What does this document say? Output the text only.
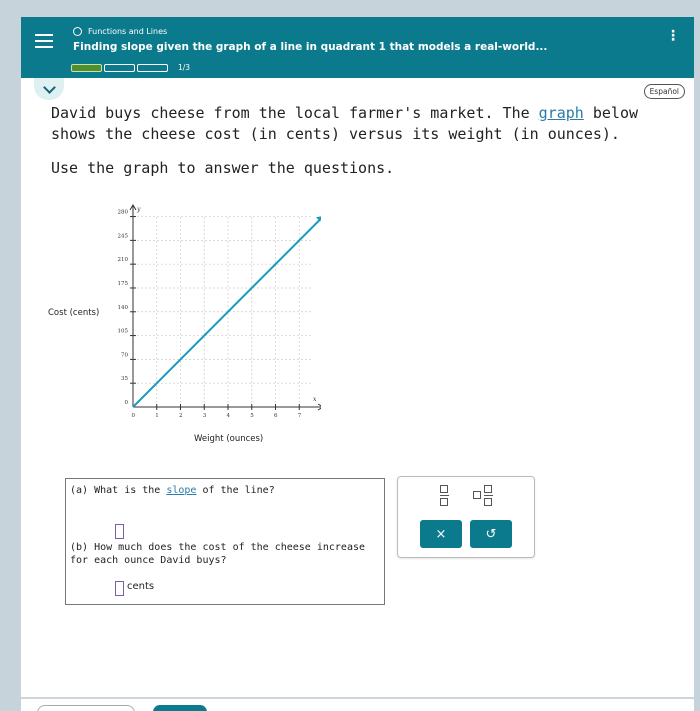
Functions and Lines
Finding slope given the graph of a line in quadrant 1 that models a real-world...
⋮
1/3
Español

David buys cheese from the local farmer's market. The graph below shows the cheese cost (in cents) versus its weight (in ounces).

Use the graph to answer the questions.

y
x
0	1	2	3	4	5	6	7
0
35
70
105
140
175
210
245
280
Cost (cents)
Weight (ounces)
(a) What is the slope of the line?
(b) How much does the cost of the cheese increase for each ounce David buys?
cents
×	↺
